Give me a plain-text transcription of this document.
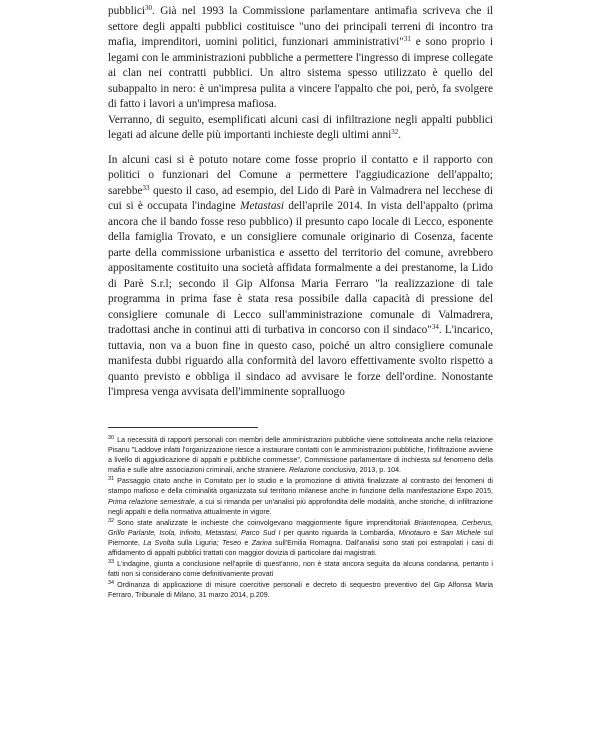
pubblici$^{30}$. Già nel 1993 la Commissione parlamentare antimafia scriveva che il settore degli appalti pubblici costituisce "uno dei principali terreni di incontro tra mafia, imprenditori, uomini politici, funzionari amministrativi"$^{31}$ e sono proprio i legami con le amministrazioni pubbliche a permettere l'ingresso di imprese collegate ai clan nei contratti pubblici. Un altro sistema spesso utilizzato è quello del subappalto in nero: è un'impresa pulita a vincere l'appalto che poi, però, fa svolgere di fatto i lavori a un'impresa mafiosa.

Verranno, di seguito, esemplificati alcuni casi di infiltrazione negli appalti pubblici legati ad alcune delle più importanti inchieste degli ultimi anni$^{32}$.

In alcuni casi si è potuto notare come fosse proprio il contatto e il rapporto con politici o funzionari del Comune a permettere l'aggiudicazione dell'appalto; sarebbe$^{33}$ questo il caso, ad esempio, del Lido di Parè in Valmadrera nel lecchese di cui si è occupata l'indagine Metastasi dell'aprile 2014. In vista dell'appalto (prima ancora che il bando fosse reso pubblico) il presunto capo locale di Lecco, esponente della famiglia Trovato, e un consigliere comunale originario di Cosenza, facente parte della commissione urbanistica e assetto del territorio del comune, avrebbero appositamente costituito una società affidata formalmente a dei prestanome, la Lido di Parè S.r.l; secondo il Gip Alfonsa Maria Ferraro "la realizzazione di tale programma in prima fase è stata resa possibile dalla capacità di pressione del consigliere comunale di Lecco sull'amministrazione comunale di Valmadrera, tradottasi anche in continui atti di turbativa in concorso con il sindaco"$^{34}$. L'incarico, tuttavia, non va a buon fine in questo caso, poiché un altro consigliere comunale manifesta dubbi riguardo alla conformità del lavoro effettivamente svolto rispetto a quanto previsto e obbliga il sindaco ad avvisare le forze dell'ordine. Nonostante l'impresa venga avvisata dell'imminente sopralluogo

$^{30}$ La necessità di rapporti personali con membri delle amministrazioni pubbliche viene sottolineata anche nella relazione Pisanu "Laddove infatti l'organizzazione riesce a instaurare contatti con le amministrazioni pubbliche, l'infiltrazione avviene a livello di aggiudicazione di appalti e pubbliche commesse", Commissione parlamentare di inchiesta sul fenomeno della mafia e sulle altre associazioni criminali, anche straniere. Relazione conclusiva, 2013, p. 104.
$^{31}$ Passaggio citato anche in Comitato per lo studio e la promozione di attività finalizzate al contrasto dei fenomeni di stampo mafioso e della criminalità organizzata sul territorio milanese anche in funzione della manifestazione Expo 2015, Prima relazione semestrale, a cui si rimanda per un'analisi più approfondita delle modalità, anche storiche, di infiltrazione negli appalti e della normativa attualmente in vigore.
$^{32}$ Sono state analizzate le inchieste che coinvolgevano maggiormente figure imprenditoriali Briantenopea, Cerberus, Grillo Parlante, Isola, Infinito, Metastasi, Parco Sud I per quanto riguarda la Lombardia, Minotauro e San Michele sul Piemonte, La Svolta sulla Liguria; Teseo e Zarina sull'Emilia Romagna. Dall'analisi sono stati poi estrapolati i casi di affidamento di appalti pubblici trattati con maggior dovizia di particolare dai magistrati.
$^{33}$ L'indagine, giunta a conclusione nell'aprile di quest'anno, non è stata ancora seguita da alcuna condanna, pertanto i fatti non si considerano come definitivamente provati
$^{34}$ Ordinanza di applicazione di misure coercitive personali e decreto di sequestro preventivo del Gip Alfonsa Maria Ferraro, Tribunale di Milano, 31 marzo 2014, p.209.
